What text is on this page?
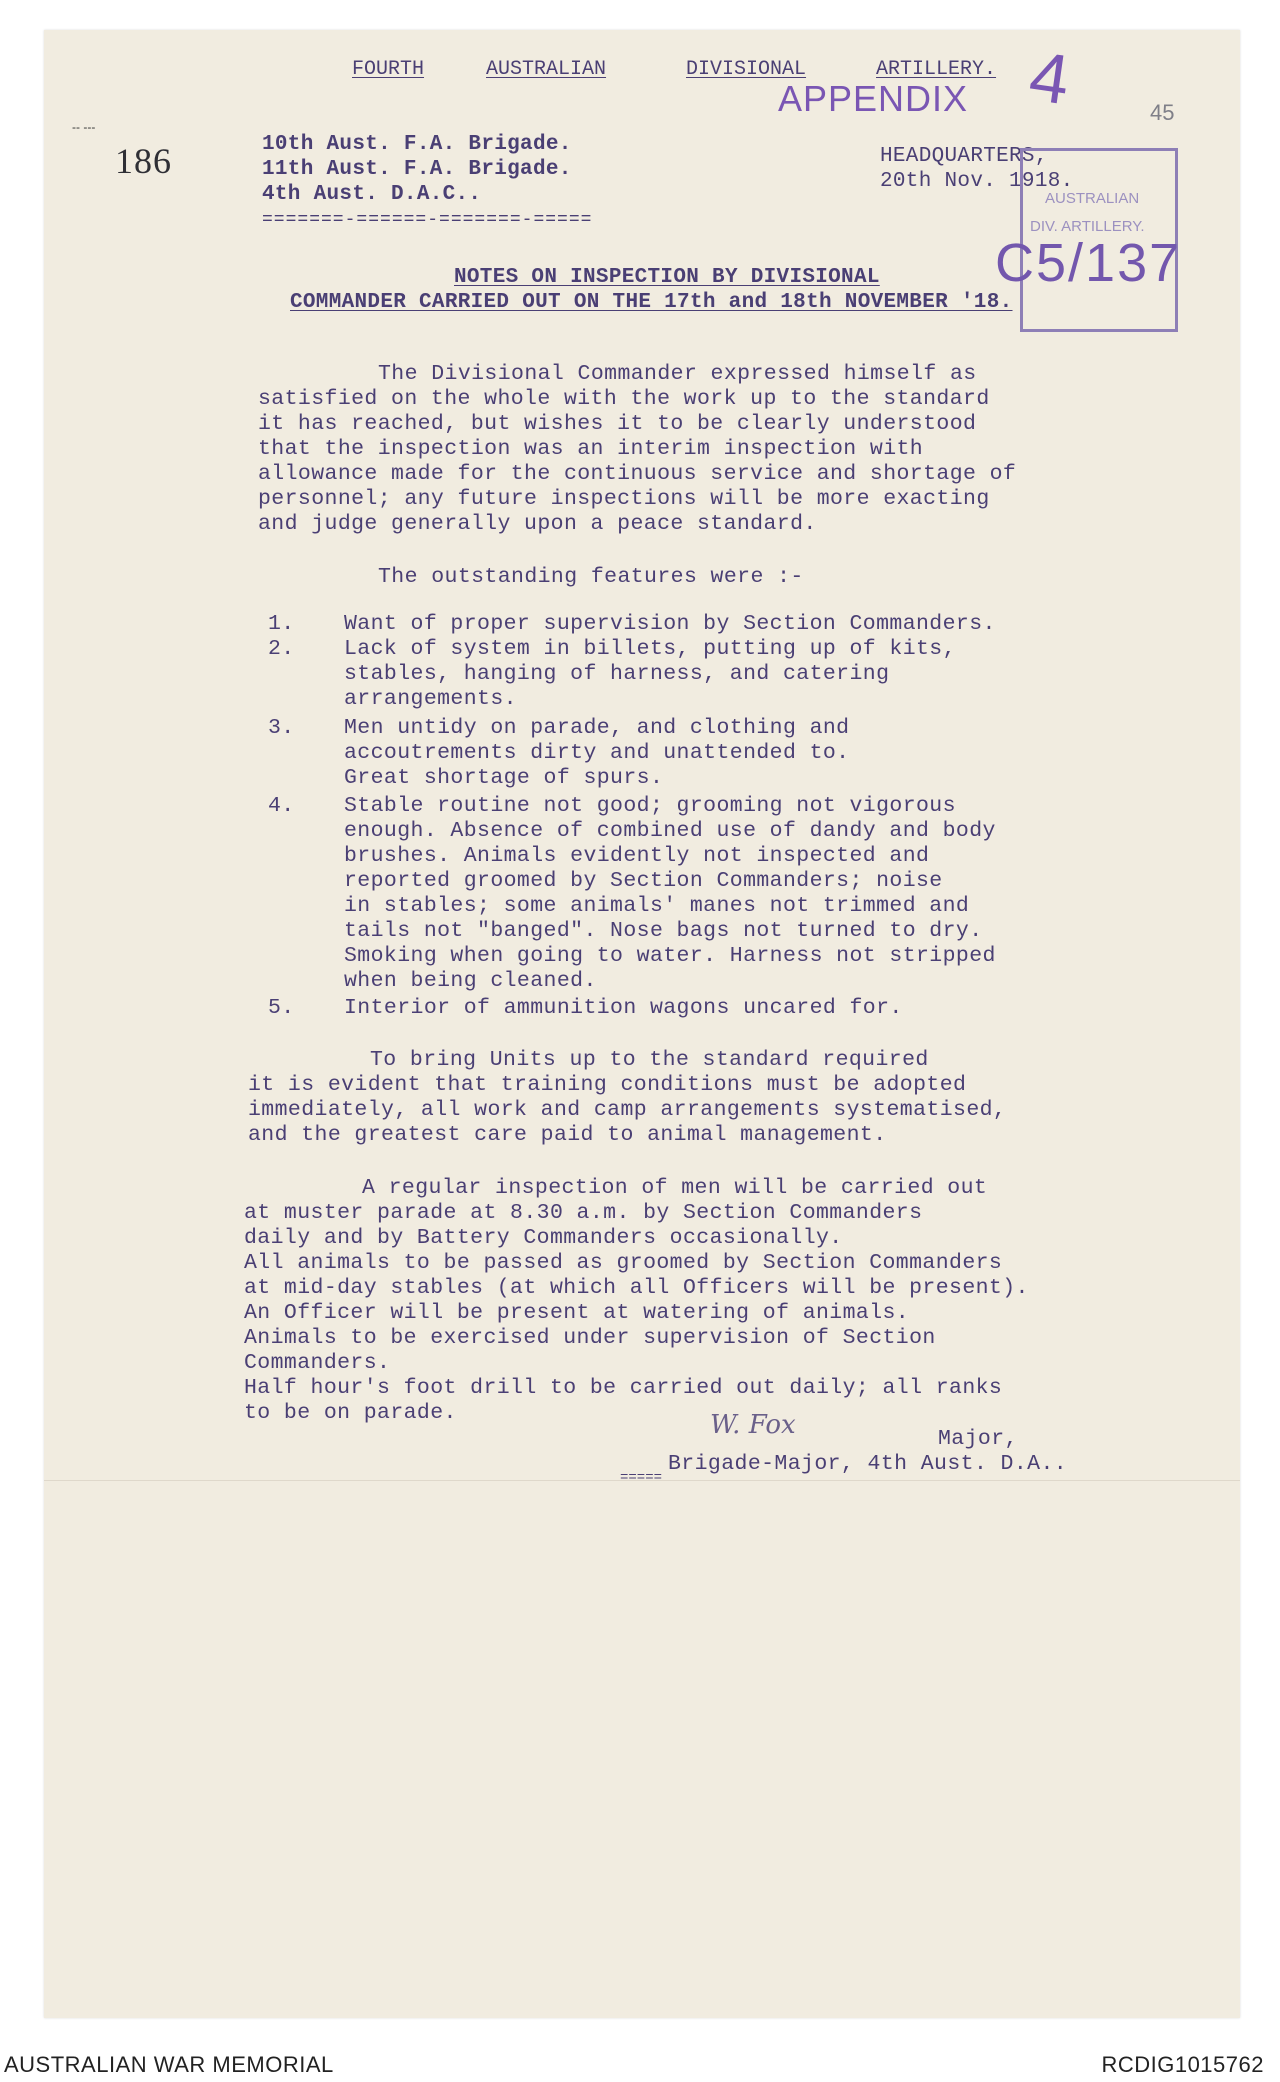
FOURTH	AUSTRALIAN	DIVISIONAL	ARTILLERY.
APPENDIX 4	45
-- ---
186	10th Aust. F.A. Brigade.
11th Aust. F.A. Brigade.
4th Aust. D.A.C..
=======-======-=======-=====
HEADQUARTERS,
20th Nov. 1918.
AUSTRALIAN
DIV. ARTILLERY.
C5/137
NOTES ON INSPECTION BY DIVISIONAL
COMMANDER CARRIED OUT ON THE 17th and 18th NOVEMBER '18.
The Divisional Commander expressed himself as
satisfied on the whole with the work up to the standard
it has reached, but wishes it to be clearly understood
that the inspection was an interim inspection with
allowance made for the continuous service and shortage of
personnel; any future inspections will be more exacting
and judge generally upon a peace standard.
The outstanding features were :-
1. Want of proper supervision by Section Commanders.
2. Lack of system in billets, putting up of kits,
stables, hanging of harness, and catering
arrangements.
3. Men untidy on parade, and clothing and
accoutrements dirty and unattended to.
Great shortage of spurs.
4. Stable routine not good; grooming not vigorous
enough. Absence of combined use of dandy and body
brushes. Animals evidently not inspected and
reported groomed by Section Commanders; noise
in stables; some animals' manes not trimmed and
tails not "banged". Nose bags not turned to dry.
Smoking when going to water. Harness not stripped
when being cleaned.
5. Interior of ammunition wagons uncared for.
To bring Units up to the standard required
it is evident that training conditions must be adopted
immediately, all work and camp arrangements systematised,
and the greatest care paid to animal management.
A regular inspection of men will be carried out
at muster parade at 8.30 a.m. by Section Commanders
daily and by Battery Commanders occasionally.
All animals to be passed as groomed by Section Commanders
at mid-day stables (at which all Officers will be present).
An Officer will be present at watering of animals.
Animals to be exercised under supervision of Section
Commanders.
Half hour's foot drill to be carried out daily; all ranks
to be on parade.	W. Fox	Major,
Brigade-Major, 4th Aust. D.A..
=====
AUSTRALIAN WAR MEMORIAL	RCDIG1015762
